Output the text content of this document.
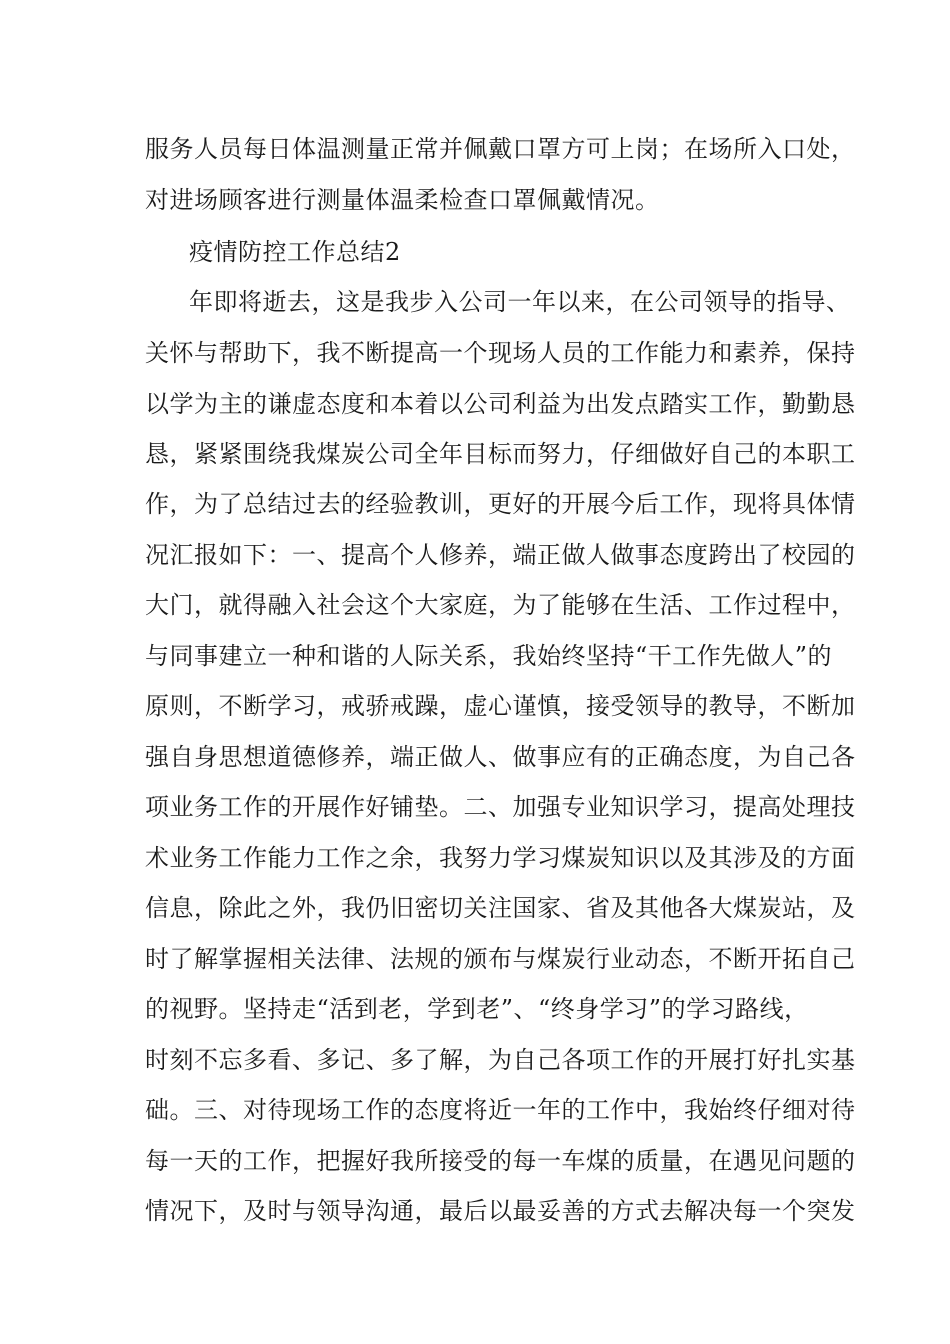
服务人员每日体温测量正常并佩戴口罩方可上岗；在场所入口处，
对进场顾客进行测量体温柔检查口罩佩戴情况。
疫情防控工作总结2
年即将逝去，这是我步入公司一年以来，在公司领导的指导、
关怀与帮助下，我不断提高一个现场人员的工作能力和素养，保持
以学为主的谦虚态度和本着以公司利益为出发点踏实工作，勤勤恳
恳，紧紧围绕我煤炭公司全年目标而努力，仔细做好自己的本职工
作，为了总结过去的经验教训，更好的开展今后工作，现将具体情
况汇报如下：一、提高个人修养，端正做人做事态度跨出了校园的
大门，就得融入社会这个大家庭，为了能够在生活、工作过程中，
与同事建立一种和谐的人际关系，我始终坚持“干工作先做人”的
原则，不断学习，戒骄戒躁，虚心谨慎，接受领导的教导，不断加
强自身思想道德修养，端正做人、做事应有的正确态度，为自己各
项业务工作的开展作好铺垫。二、加强专业知识学习，提高处理技
术业务工作能力工作之余，我努力学习煤炭知识以及其涉及的方面
信息，除此之外，我仍旧密切关注国家、省及其他各大煤炭站，及
时了解掌握相关法律、法规的颁布与煤炭行业动态，不断开拓自己
的视野。坚持走“活到老，学到老”、“终身学习”的学习路线，
时刻不忘多看、多记、多了解，为自己各项工作的开展打好扎实基
础。三、对待现场工作的态度将近一年的工作中，我始终仔细对待
每一天的工作，把握好我所接受的每一车煤的质量，在遇见问题的
情况下，及时与领导沟通，最后以最妥善的方式去解决每一个突发
